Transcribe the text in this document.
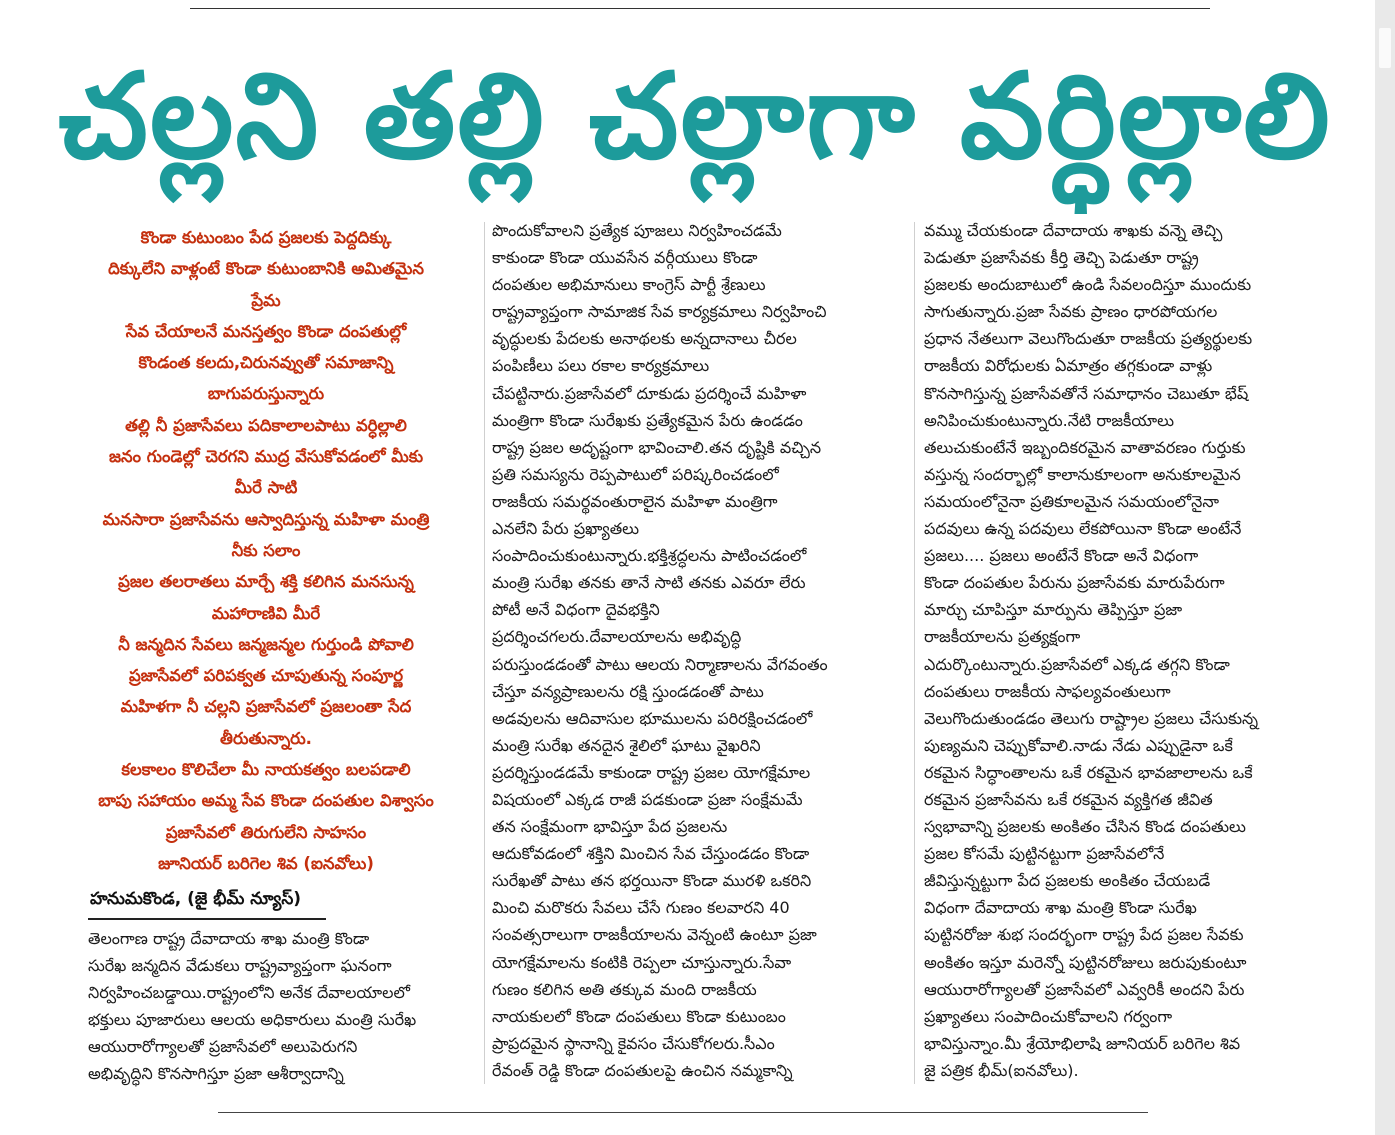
చల్లని తల్లి చల్లాగా వర్ధిల్లాలి
కొండా కుటుంబం పేద ప్రజలకు పెద్దదిక్కు
దిక్కులేని వాళ్లంటే కొండా కుటుంబానికి అమితమైన
ప్రేమ
సేవ చేయాలనే మనస్తత్వం కొండా దంపతుల్లో
కొండంత కలదు,చిరునవ్వుతో సమాజాన్ని
బాగుపరుస్తున్నారు
తల్లి నీ ప్రజాసేవలు పదికాలాలపాటు వర్ధిల్లాలి
జనం గుండెల్లో చెరగని ముద్ర వేసుకోవడంలో మీకు
మీరే సాటి
మనసారా ప్రజాసేవను ఆస్వాదిస్తున్న మహిళా మంత్రి
నీకు సలాం
ప్రజల తలరాతలు మార్చే శక్తి కలిగిన మనసున్న
మహారాణివి మీరే
నీ జన్మదిన సేవలు జన్మజన్మల గుర్తుండి పోవాలి
ప్రజాసేవలో పరిపక్వత చూపుతున్న సంపూర్ణ
మహిళగా నీ చల్లని ప్రజాసేవలో ప్రజలంతా సేద
తీరుతున్నారు.
కలకాలం కొలిచేలా మీ నాయకత్వం బలపడాలి
బాపు సహాయం అమ్మ సేవ కొండా దంపతుల విశ్వాసం
ప్రజాసేవలో తిరుగులేని సాహసం
జూనియర్ బరిగెల శివ (ఐనవోలు)
హనుమకొండ, (జై భీమ్ న్యూస్)
తెలంగాణ రాష్ట్ర దేవాదాయ శాఖ మంత్రి కొండా
సురేఖ జన్మదిన వేడుకలు రాష్ట్రవ్యాప్తంగా ఘనంగా
నిర్వహించబడ్డాయి.రాష్ట్రంలోని అనేక దేవాలయాలలో
భక్తులు పూజారులు ఆలయ అధికారులు మంత్రి సురేఖ
ఆయురారోగ్యాలతో ప్రజాసేవలో అలుపెరుగని
అభివృద్ధిని కొనసాగిస్తూ ప్రజా ఆశీర్వాదాన్ని
పొందుకోవాలని ప్రత్యేక పూజలు నిర్వహించడమే
కాకుండా కొండా యువసేన వర్గీయులు కొండా
దంపతుల అభిమానులు కాంగ్రెస్ పార్టీ శ్రేణులు
రాష్ట్రవ్యాప్తంగా సామాజిక సేవ కార్యక్రమాలు నిర్వహించి
వృద్ధులకు పేదలకు అనాథలకు అన్నదానాలు చీరల
పంపిణీలు పలు రకాల కార్యక్రమాలు
చేపట్టినారు.ప్రజాసేవలో దూకుడు ప్రదర్శించే మహిళా
మంత్రిగా కొండా సురేఖకు ప్రత్యేకమైన పేరు ఉండడం
రాష్ట్ర ప్రజల అదృష్టంగా భావించాలి.తన దృష్టికి వచ్చిన
ప్రతి సమస్యను రెప్పపాటులో పరిష్కరించడంలో
రాజకీయ సమర్థవంతురాలైన మహిళా మంత్రిగా
ఎనలేని పేరు ప్రఖ్యాతలు
సంపాదించుకుంటున్నారు.భక్తిశ్రద్ధలను పాటించడంలో
మంత్రి సురేఖ తనకు తానే సాటి తనకు ఎవరూ లేరు
పోటీ అనే విధంగా దైవభక్తిని
ప్రదర్శించగలరు.దేవాలయాలను అభివృద్ధి
పరుస్తుండడంతో పాటు ఆలయ నిర్మాణాలను వేగవంతం
చేస్తూ వన్యప్రాణులను రక్షి స్తుండడంతో పాటు
అడవులను ఆదివాసుల భూములను పరిరక్షించడంలో
మంత్రి సురేఖ తనదైన శైలిలో ఘాటు వైఖరిని
ప్రదర్శిస్తుండడమే కాకుండా రాష్ట్ర ప్రజల యోగక్షేమాల
విషయంలో ఎక్కడ రాజీ పడకుండా ప్రజా సంక్షేమమే
తన సంక్షేమంగా భావిస్తూ పేద ప్రజలను
ఆదుకోవడంలో శక్తిని మించిన సేవ చేస్తుండడం కొండా
సురేఖతో పాటు తన భర్తయినా కొండా మురళి ఒకరిని
మించి మరొకరు సేవలు చేసే గుణం కలవారని 40
సంవత్సరాలుగా రాజకీయాలను వెన్నంటి ఉంటూ ప్రజా
యోగక్షేమాలను కంటికి రెప్పలా చూస్తున్నారు.సేవా
గుణం కలిగిన అతి తక్కువ మంది రాజకీయ
నాయకులలో కొండా దంపతులు కొండా కుటుంబం
ప్రాప్రదమైన స్థానాన్ని కైవసం చేసుకోగలరు.సీఎం
రేవంత్ రెడ్డి కొండా దంపతులపై ఉంచిన నమ్మకాన్ని
వమ్ము చేయకుండా దేవాదాయ శాఖకు వన్నె తెచ్చి
పెడుతూ ప్రజాసేవకు కీర్తి తెచ్చి పెడుతూ రాష్ట్ర
ప్రజలకు అందుబాటులో ఉండి సేవలందిస్తూ ముందుకు
సాగుతున్నారు.ప్రజా సేవకు ప్రాణం ధారపోయగల
ప్రధాన నేతలుగా వెలుగొందుతూ రాజకీయ ప్రత్యర్థులకు
రాజకీయ విరోధులకు ఏమాత్రం తగ్గకుండా వాళ్లు
కొనసాగిస్తున్న ప్రజాసేవతోనే సమాధానం చెబుతూ భేష్
అనిపించుకుంటున్నారు.నేటి రాజకీయాలు
తలుచుకుంటేనే ఇబ్బందికరమైన వాతావరణం గుర్తుకు
వస్తున్న సందర్భాల్లో కాలానుకూలంగా అనుకూలమైన
సమయంలోనైనా ప్రతికూలమైన సమయంలోనైనా
పదవులు ఉన్న పదవులు లేకపోయినా కొండా అంటేనే
ప్రజలు.... ప్రజలు అంటేనే కొండా అనే విధంగా
కొండా దంపతుల పేరును ప్రజాసేవకు మారుపేరుగా
మార్చు చూపిస్తూ మార్పును తెప్పిస్తూ ప్రజా
రాజకీయాలను ప్రత్యక్షంగా
ఎదుర్కొంటున్నారు.ప్రజాసేవలో ఎక్కడ తగ్గని కొండా
దంపతులు రాజకీయ సాఫల్యవంతులుగా
వెలుగొందుతుండడం తెలుగు రాష్ట్రాల ప్రజలు చేసుకున్న
పుణ్యమని చెప్పుకోవాలి.నాడు నేడు ఎప్పుడైనా ఒకే
రకమైన సిద్ధాంతాలను ఒకే రకమైన భావజాలాలను ఒకే
రకమైన ప్రజాసేవను ఒకే రకమైన వ్యక్తిగత జీవిత
స్వభావాన్ని ప్రజలకు అంకితం చేసిన కొండ దంపతులు
ప్రజల కోసమే పుట్టినట్టుగా ప్రజాసేవలోనే
జీవిస్తున్నట్టుగా పేద ప్రజలకు అంకితం చేయబడే
విధంగా దేవాదాయ శాఖ మంత్రి కొండా సురేఖ
పుట్టినరోజు శుభ సందర్భంగా రాష్ట్ర పేద ప్రజల సేవకు
అంకితం ఇస్తూ మరెన్నో పుట్టినరోజులు జరుపుకుంటూ
ఆయురారోగ్యాలతో ప్రజాసేవలో ఎవ్వరికీ అందని పేరు
ప్రఖ్యాతలు సంపాదించుకోవాలని గర్వంగా
భావిస్తున్నాం.మీ శ్రేయోభిలాషి జూనియర్ బరిగెల శివ
జై పత్రిక భీమ్(ఐనవోలు).
